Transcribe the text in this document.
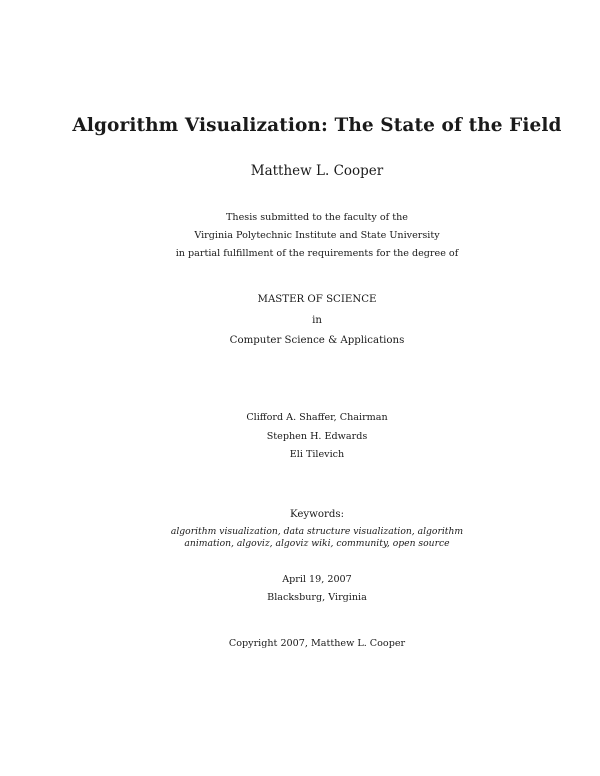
Algorithm Visualization: The State of the Field
Matthew L. Cooper
Thesis submitted to the faculty of the
Virginia Polytechnic Institute and State University
in partial fulfillment of the requirements for the degree of
MASTER OF SCIENCE
in
Computer Science & Applications
Clifford A. Shaffer, Chairman
Stephen H. Edwards
Eli Tilevich
Keywords:
algorithm visualization, data structure visualization, algorithm
animation, algoviz, algoviz wiki, community, open source
April 19, 2007
Blacksburg, Virginia
Copyright 2007, Matthew L. Cooper
